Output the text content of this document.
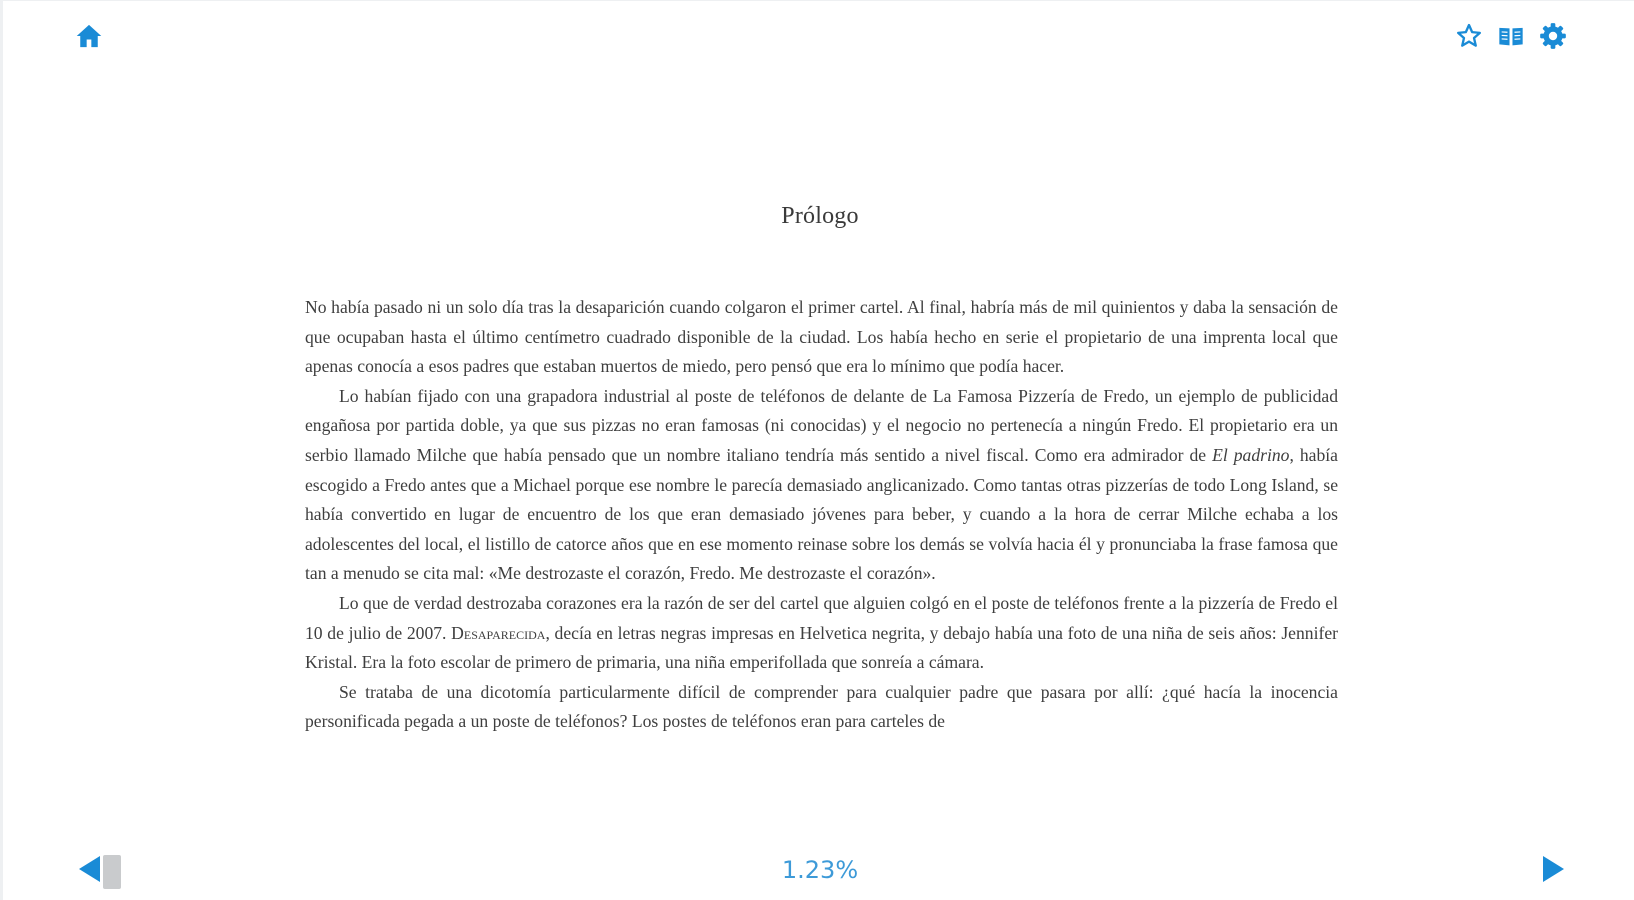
Prólogo

No había pasado ni un solo día tras la desaparición cuando colgaron el primer cartel. Al final, habría más de mil quinientos y daba la sensación de que ocupaban hasta el último centímetro cuadrado disponible de la ciudad. Los había hecho en serie el propietario de una imprenta local que apenas conocía a esos padres que estaban muertos de miedo, pero pensó que era lo mínimo que podía hacer.

Lo habían fijado con una grapadora industrial al poste de teléfonos de delante de La Famosa Pizzería de Fredo, un ejemplo de publicidad engañosa por partida doble, ya que sus pizzas no eran famosas (ni conocidas) y el negocio no pertenecía a ningún Fredo. El propietario era un serbio llamado Milche que había pensado que un nombre italiano tendría más sentido a nivel fiscal. Como era admirador de El padrino, había escogido a Fredo antes que a Michael porque ese nombre le parecía demasiado anglicanizado. Como tantas otras pizzerías de todo Long Island, se había convertido en lugar de encuentro de los que eran demasiado jóvenes para beber, y cuando a la hora de cerrar Milche echaba a los adolescentes del local, el listillo de catorce años que en ese momento reinase sobre los demás se volvía hacia él y pronunciaba la frase famosa que tan a menudo se cita mal: «Me destrozaste el corazón, Fredo. Me destrozaste el corazón».

Lo que de verdad destrozaba corazones era la razón de ser del cartel que alguien colgó en el poste de teléfonos frente a la pizzería de Fredo el 10 de julio de 2007. Desaparecida, decía en letras negras impresas en Helvetica negrita, y debajo había una foto de una niña de seis años: Jennifer Kristal. Era la foto escolar de primero de primaria, una niña emperifollada que sonreía a cámara.

Se trataba de una dicotomía particularmente difícil de comprender para cualquier padre que pasara por allí: ¿qué hacía la inocencia personificada pegada a un poste de teléfonos? Los postes de teléfonos eran para carteles de

1.23%
